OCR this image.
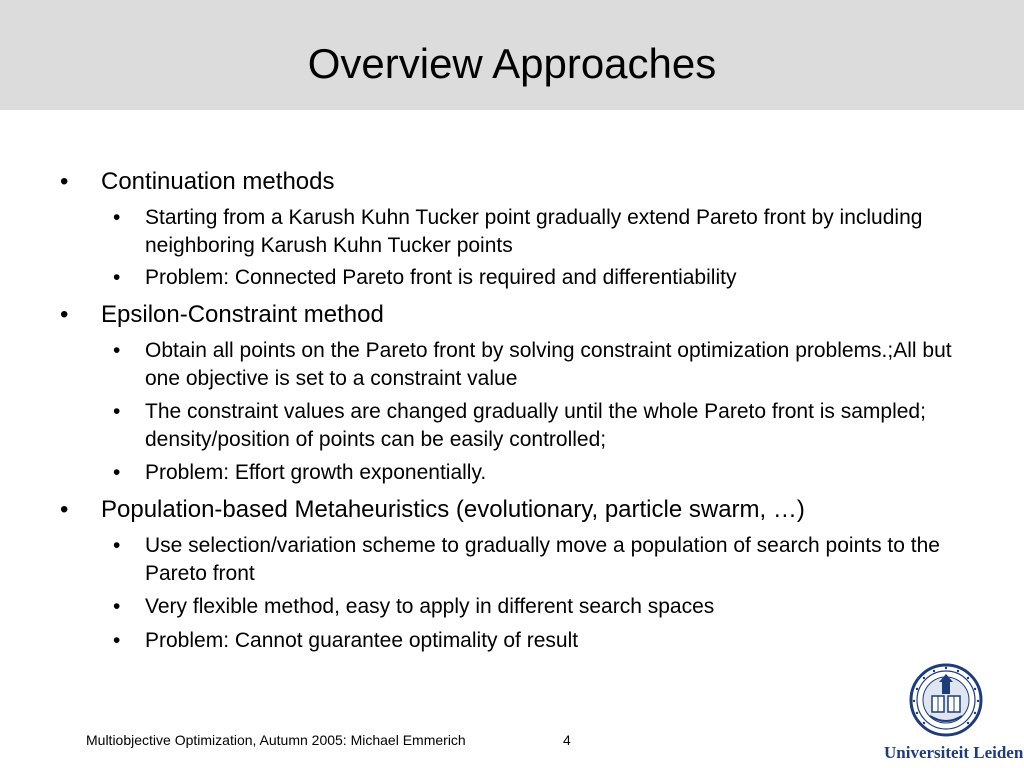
Overview Approaches
• Continuation methods
• Starting from a Karush Kuhn Tucker point gradually extend Pareto front by including neighboring Karush Kuhn Tucker points
• Problem: Connected Pareto front is required and differentiability
• Epsilon-Constraint method
• Obtain all points on the Pareto front by solving constraint optimization problems.;All but one objective is set to a constraint value
• The constraint values are changed gradually until the whole Pareto front is sampled; density/position of points can be easily controlled;
• Problem: Effort growth exponentially.
• Population-based Metaheuristics (evolutionary, particle swarm, …)
• Use selection/variation scheme to gradually move a population of search points to the Pareto front
• Very flexible method, easy to apply in different search spaces
• Problem: Cannot guarantee optimality of result
Multiobjective Optimization, Autumn 2005: Michael Emmerich	4
Universiteit Leiden
